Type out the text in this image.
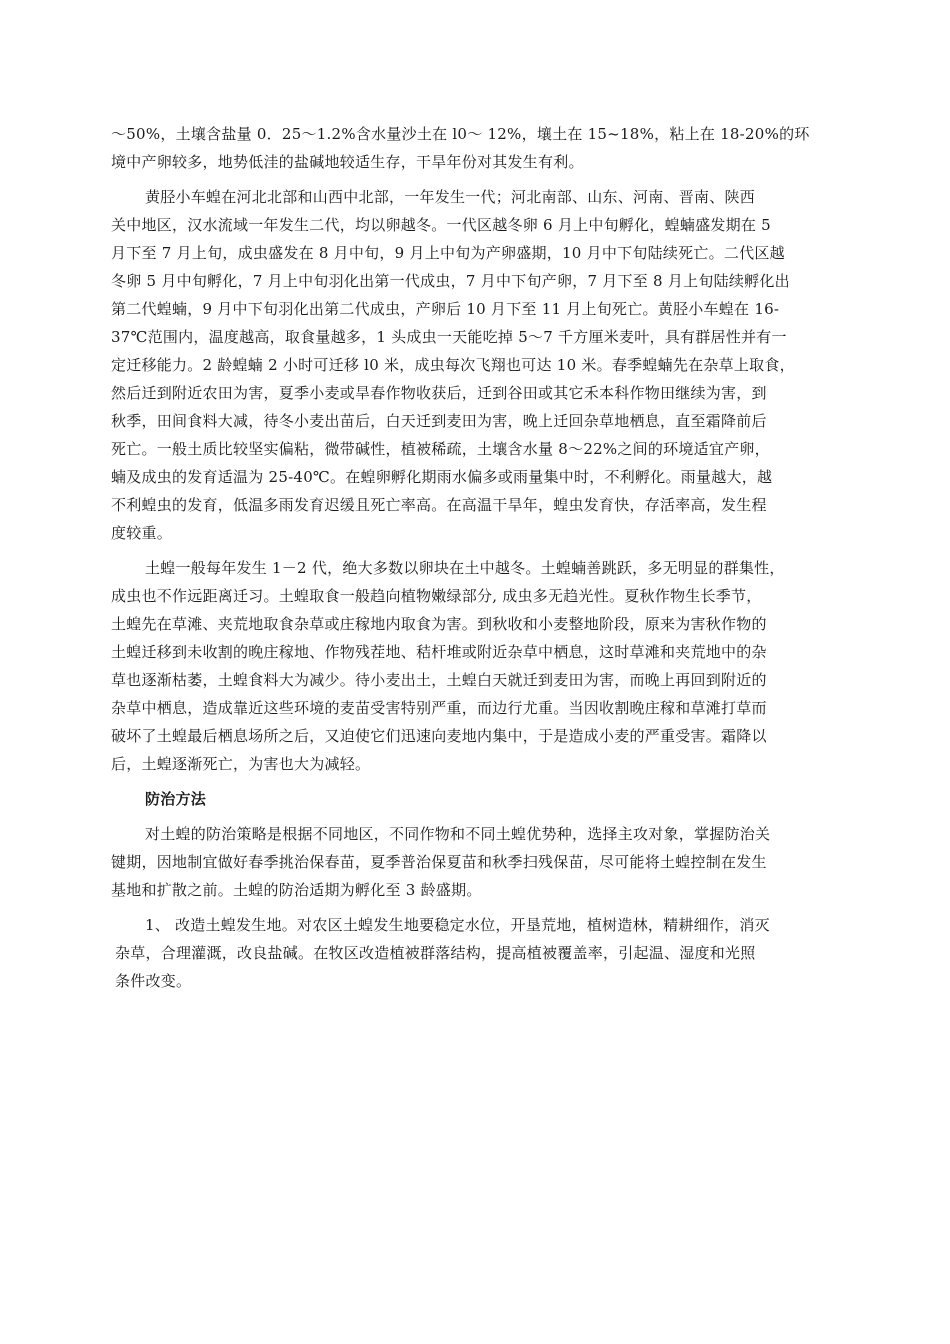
～50%，土壤含盐量 0．25～1.2%含水量沙土在 l0～ 12%，壤土在 15~18%，粘上在 18-20%的环
境中产卵较多，地势低洼的盐碱地较适生存，干旱年份对其发生有利。
黄胫小车蝗在河北北部和山西中北部，一年发生一代；河北南部、山东、河南、晋南、陕西
关中地区，汉水流域一年发生二代，均以卵越冬。一代区越冬卵 6 月上中旬孵化，蝗蝻盛发期在 5
月下至 7 月上旬，成虫盛发在 8 月中旬，9 月上中旬为产卵盛期，10 月中下旬陆续死亡。二代区越
冬卵 5 月中旬孵化，7 月上中旬羽化出第一代成虫，7 月中下旬产卵，7 月下至 8 月上旬陆续孵化出
第二代蝗蝻，9 月中下旬羽化出第二代成虫，产卵后 10 月下至 11 月上旬死亡。黄胫小车蝗在 16-
37℃范围内，温度越高，取食量越多，1 头成虫一天能吃掉 5～7 千方厘米麦叶，具有群居性并有一
定迁移能力。2 龄蝗蝻 2 小时可迁移 l0 米，成虫每次飞翔也可达 10 米。春季蝗蝻先在杂草上取食，
然后迁到附近农田为害，夏季小麦或旱春作物收获后，迁到谷田或其它禾本科作物田继续为害，到
秋季，田间食料大减，待冬小麦出苗后，白天迁到麦田为害，晚上迁回杂草地栖息，直至霜降前后
死亡。一般土质比较坚实偏粘，微带碱性，植被稀疏，土壤含水量 8～22%之间的环境适宜产卵，
蝻及成虫的发育适温为 25-40℃。在蝗卵孵化期雨水偏多或雨量集中时，不利孵化。雨量越大，越
不利蝗虫的发育，低温多雨发育迟缓且死亡率高。在高温干旱年，蝗虫发育快，存活率高，发生程
度较重。
土蝗一般每年发生 1－2 代，绝大多数以卵块在土中越冬。土蝗蝻善跳跃，多无明显的群集性，
成虫也不作远距离迁习。土蝗取食一般趋向植物嫩绿部分, 成虫多无趋光性。夏秋作物生长季节，
土蝗先在草滩、夹荒地取食杂草或庄稼地内取食为害。到秋收和小麦整地阶段，原来为害秋作物的
土蝗迁移到未收割的晚庄稼地、作物残茬地、秸杆堆或附近杂草中栖息，这时草滩和夹荒地中的杂
草也逐渐枯萎，土蝗食料大为减少。待小麦出土，土蝗白天就迁到麦田为害，而晚上再回到附近的
杂草中栖息，造成靠近这些环境的麦苗受害特别严重，而边行尤重。当因收割晚庄稼和草滩打草而
破坏了土蝗最后栖息场所之后，又迫使它们迅速向麦地内集中，于是造成小麦的严重受害。霜降以
后，土蝗逐渐死亡，为害也大为减轻。
防治方法
对土蝗的防治策略是根据不同地区，不同作物和不同土蝗优势种，选择主攻对象，掌握防治关
键期，因地制宜做好春季挑治保春苗，夏季普治保夏苗和秋季扫残保苗，尽可能将土蝗控制在发生
基地和扩散之前。土蝗的防治适期为孵化至 3 龄盛期。
1、 改造土蝗发生地。对农区土蝗发生地要稳定水位，开垦荒地，植树造林，精耕细作，消灭
杂草，合理灌溉，改良盐碱。在牧区改造植被群落结构，提高植被覆盖率，引起温、湿度和光照
条件改变。
